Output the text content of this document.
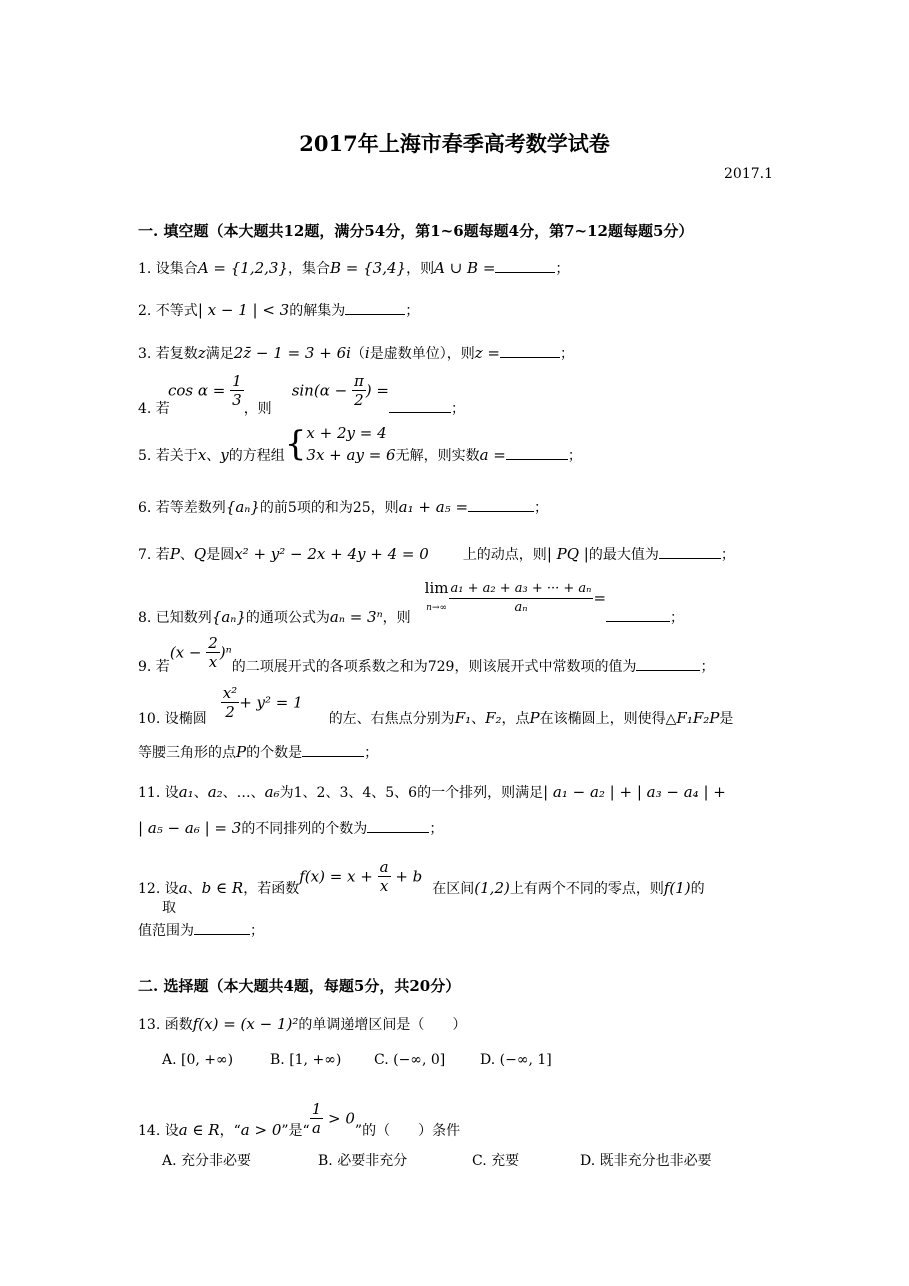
2017年上海市春季高考数学试卷
2017.1
一. 填空题（本大题共12题，满分54分，第1~6题每题4分，第7~12题每题5分）
1. 设集合A = {1,2,3}，集合B = {3,4}，则A ∪ B =	；
2. 不等式| x − 1 | < 3的解集为	；
3. 若复数z满足2z̄ − 1 = 3 + 6i（i是虚数单位），则z =	；
4. 若$\cos \alpha = \frac{1}{3}$ ，则$\sin(\alpha - \frac{\pi}{2}$ ) =；
5. 若关于x、y的方程组{ x + 2y = 4
3x + ay = 6 无解，则实数a =	；
6. 若等差数列{aₙ}的前5项的和为25，则a₁ + a₅ =	；
7. 若P、Q是圆x² + y² − 2x + 4y + 4 = 0 上的动点，则| PQ |的最大值为	；
8. 已知数列{aₙ}的通项公式为aₙ = 3ⁿ，则
lim
$n\to\infty \frac{\text{a₁ + a₂ + a₃ + ··· + aₙ}}{\text{aₙ}}$ =；
9. 若$(x - \frac{2}{x} )^n$的二项展开式的各项系数之和为729，则该展开式中常数项的值为	；
10. 设椭圆 $\frac{\text{x²}}{2} + y^2 = 1$的左、右焦点分别为F₁、F₂，点P在该椭圆上，则使得△F₁F₂P是
等腰三角形的点P的个数是	；
11. 设a₁、a₂、…、a₆为1、2、3、4、5、6的一个排列，则满足| a₁ − a₂ | + | a₃ − a₄ | +
| a₅ − a₆ | = 3的不同排列的个数为	；
12. 设a、b ∈ R，若函数$f(x) = x + \frac{a}{x} + b$在区间(1,2)上有两个不同的零点，则f(1)的
取
值范围为	；
二. 选择题（本大题共4题，每题5分，共20分）
13. 函数f(x) = (x − 1)²的单调递增区间是（　　）
A. [0, +∞)	B. [1, +∞) C. (−∞, 0] D. (−∞, 1]
14. 设a ∈ R，“a > 0”是“ $\frac{1}{a} > 0$”的（　　）条件
A. 充分非必要	B. 必要非充分	C. 充要	D. 既非充分也非必要
